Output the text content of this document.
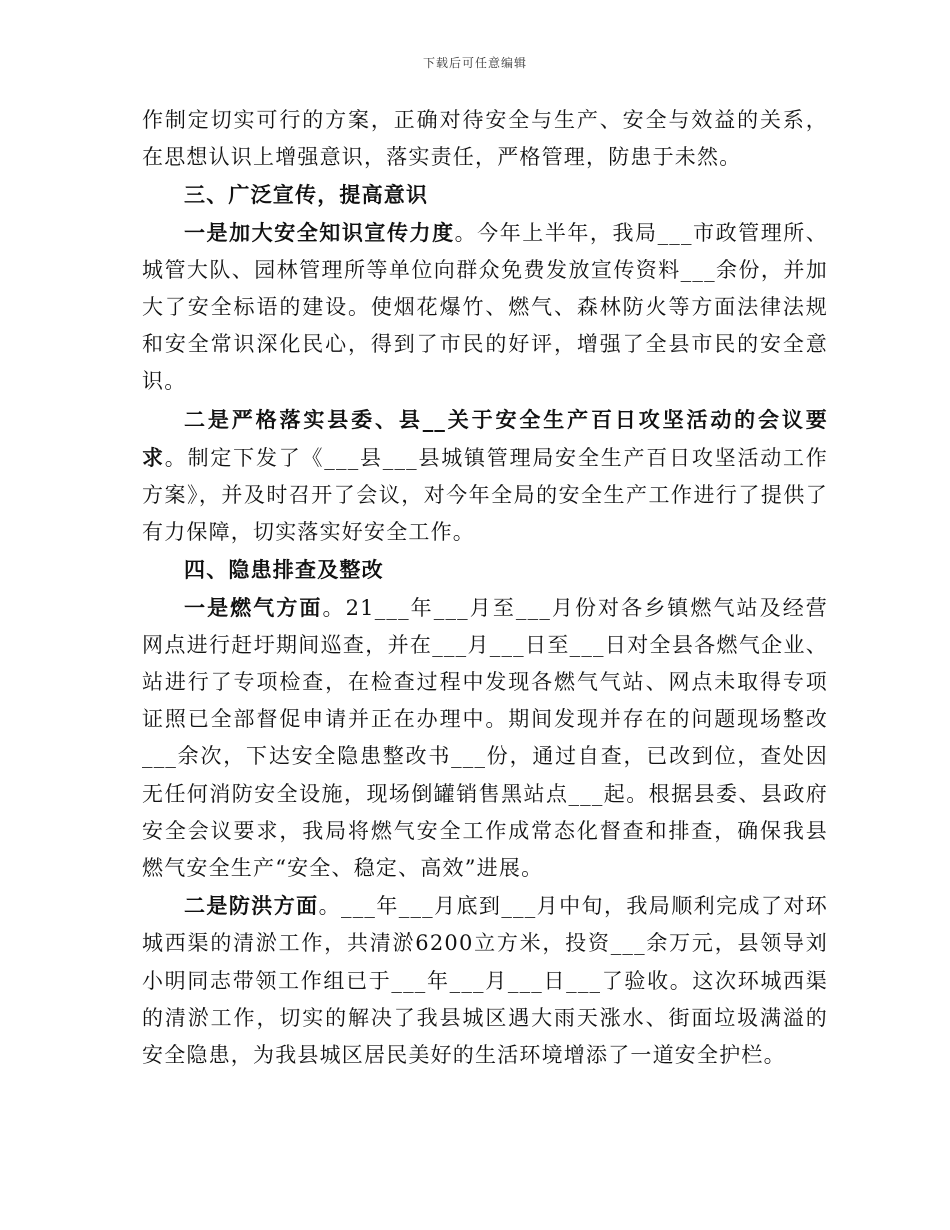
下载后可任意编辑

作制定切实可行的方案，正确对待安全与生产、安全与效益的关系，在思想认识上增强意识，落实责任，严格管理，防患于未然。

三、广泛宣传，提高意识

一是加大安全知识宣传力度。今年上半年，我局___市政管理所、城管大队、园林管理所等单位向群众免费发放宣传资料___余份，并加大了安全标语的建设。使烟花爆竹、燃气、森林防火等方面法律法规和安全常识深化民心，得到了市民的好评，增强了全县市民的安全意识。

二是严格落实县委、县__关于安全生产百日攻坚活动的会议要求。制定下发了《___县___县城镇管理局安全生产百日攻坚活动工作方案》，并及时召开了会议，对今年全局的安全生产工作进行了提供了有力保障，切实落实好安全工作。

四、隐患排查及整改

一是燃气方面。21___年___月至___月份对各乡镇燃气站及经营网点进行赶圩期间巡查，并在___月___日至___日对全县各燃气企业、站进行了专项检查，在检查过程中发现各燃气气站、网点未取得专项证照已全部督促申请并正在办理中。期间发现并存在的问题现场整改___余次，下达安全隐患整改书___份，通过自查，已改到位，查处因无任何消防安全设施，现场倒罐销售黑站点___起。根据县委、县政府安全会议要求，我局将燃气安全工作成常态化督查和排查，确保我县燃气安全生产“安全、稳定、高效”进展。

二是防洪方面。___年___月底到___月中旬，我局顺利完成了对环城西渠的清淤工作，共清淤6200立方米，投资___余万元，县领导刘小明同志带领工作组已于___年___月___日___了验收。这次环城西渠的清淤工作，切实的解决了我县城区遇大雨天涨水、街面垃圾满溢的安全隐患，为我县城区居民美好的生活环境增添了一道安全护栏。
